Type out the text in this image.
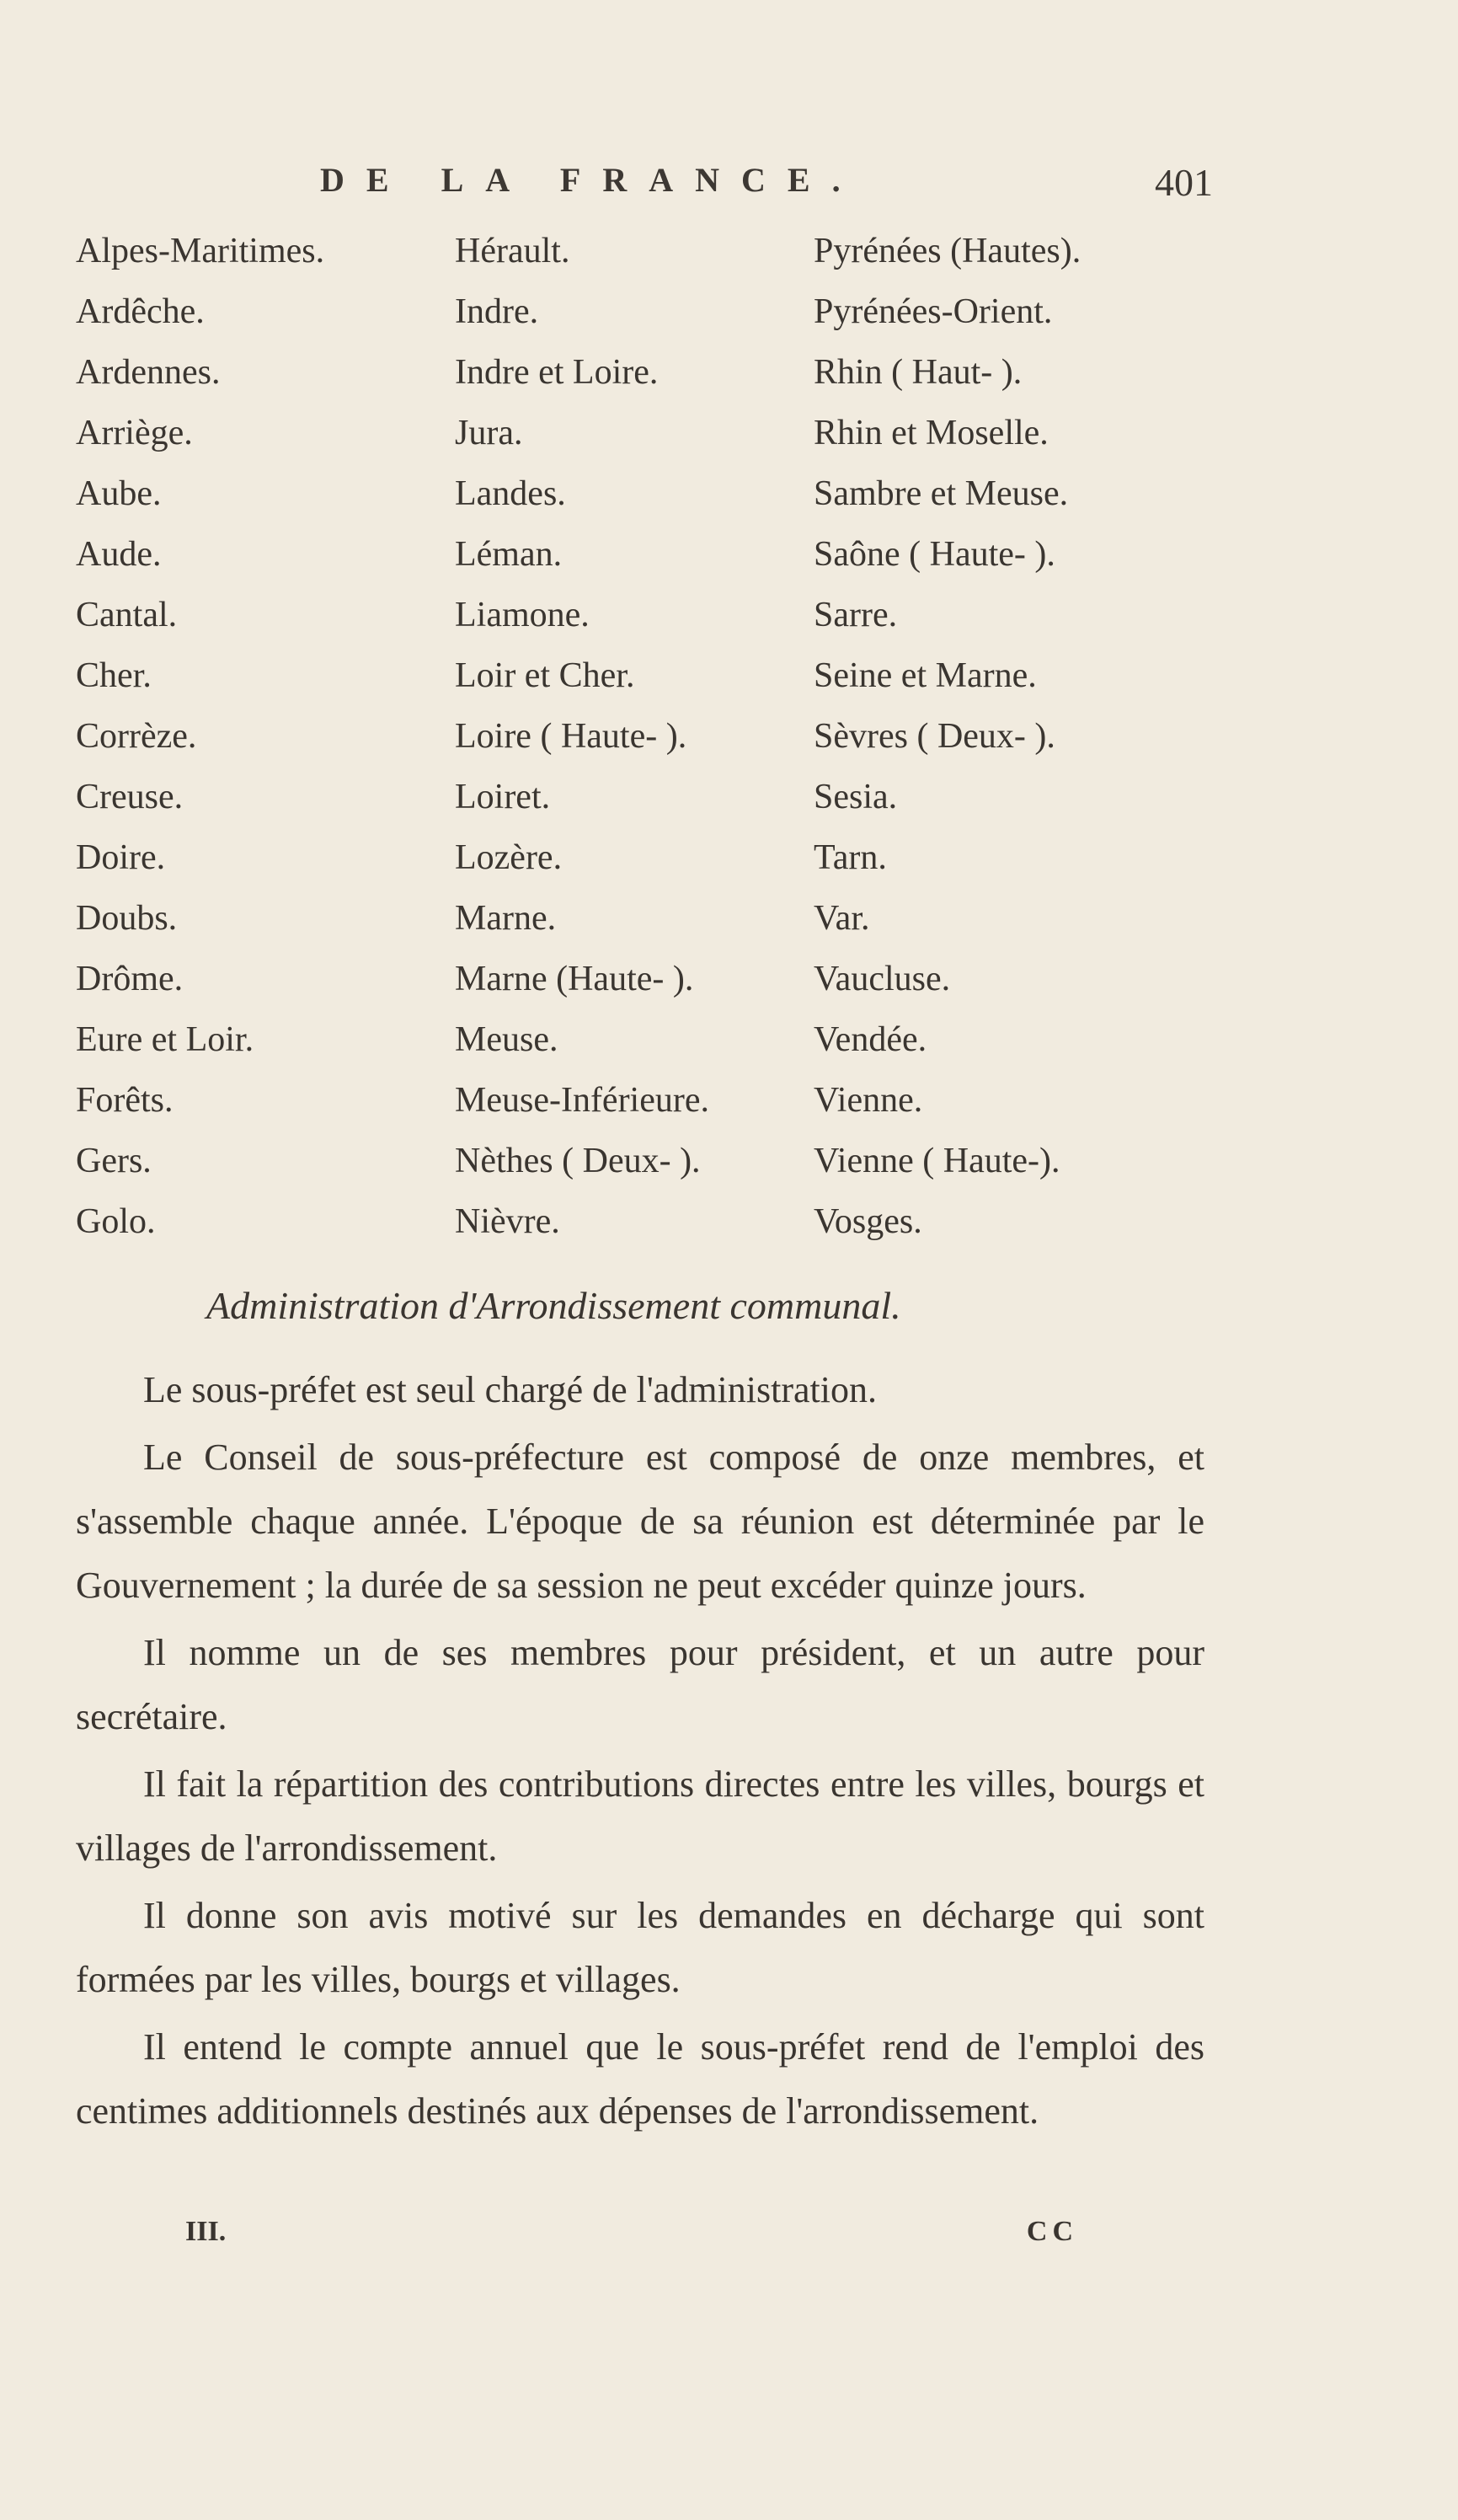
DE LA FRANCE.	401
Alpes-Maritimes.
Ardêche.
Ardennes.
Arriège.
Aube.
Aude.
Cantal.
Cher.
Corrèze.
Creuse.
Doire.
Doubs.
Drôme.
Eure et Loir.
Forêts.
Gers.
Golo.
Hérault.
Indre.
Indre et Loire.
Jura.
Landes.
Léman.
Liamone.
Loir et Cher.
Loire ( Haute- ).
Loiret.
Lozère.
Marne.
Marne (Haute- ).
Meuse.
Meuse-Inférieure.
Nèthes ( Deux- ).
Nièvre.
Pyrénées (Hautes).
Pyrénées-Orient.
Rhin ( Haut- ).
Rhin et Moselle.
Sambre et Meuse.
Saône ( Haute- ).
Sarre.
Seine et Marne.
Sèvres ( Deux- ).
Sesia.
Tarn.
Var.
Vaucluse.
Vendée.
Vienne.
Vienne ( Haute-).
Vosges.
Administration d'Arrondissement communal.

Le sous-préfet est seul chargé de l'administration.

Le Conseil de sous-préfecture est composé de onze membres, et s'assemble chaque année. L'époque de sa réunion est déterminée par le Gouvernement ; la durée de sa session ne peut excéder quinze jours.

Il nomme un de ses membres pour président, et un autre pour secrétaire.

Il fait la répartition des contributions directes entre les villes, bourgs et villages de l'arrondissement.

Il donne son avis motivé sur les demandes en décharge qui sont formées par les villes, bourgs et villages.

Il entend le compte annuel que le sous-préfet rend de l'emploi des centimes additionnels destinés aux dépenses de l'arrondissement.

III.	CC
